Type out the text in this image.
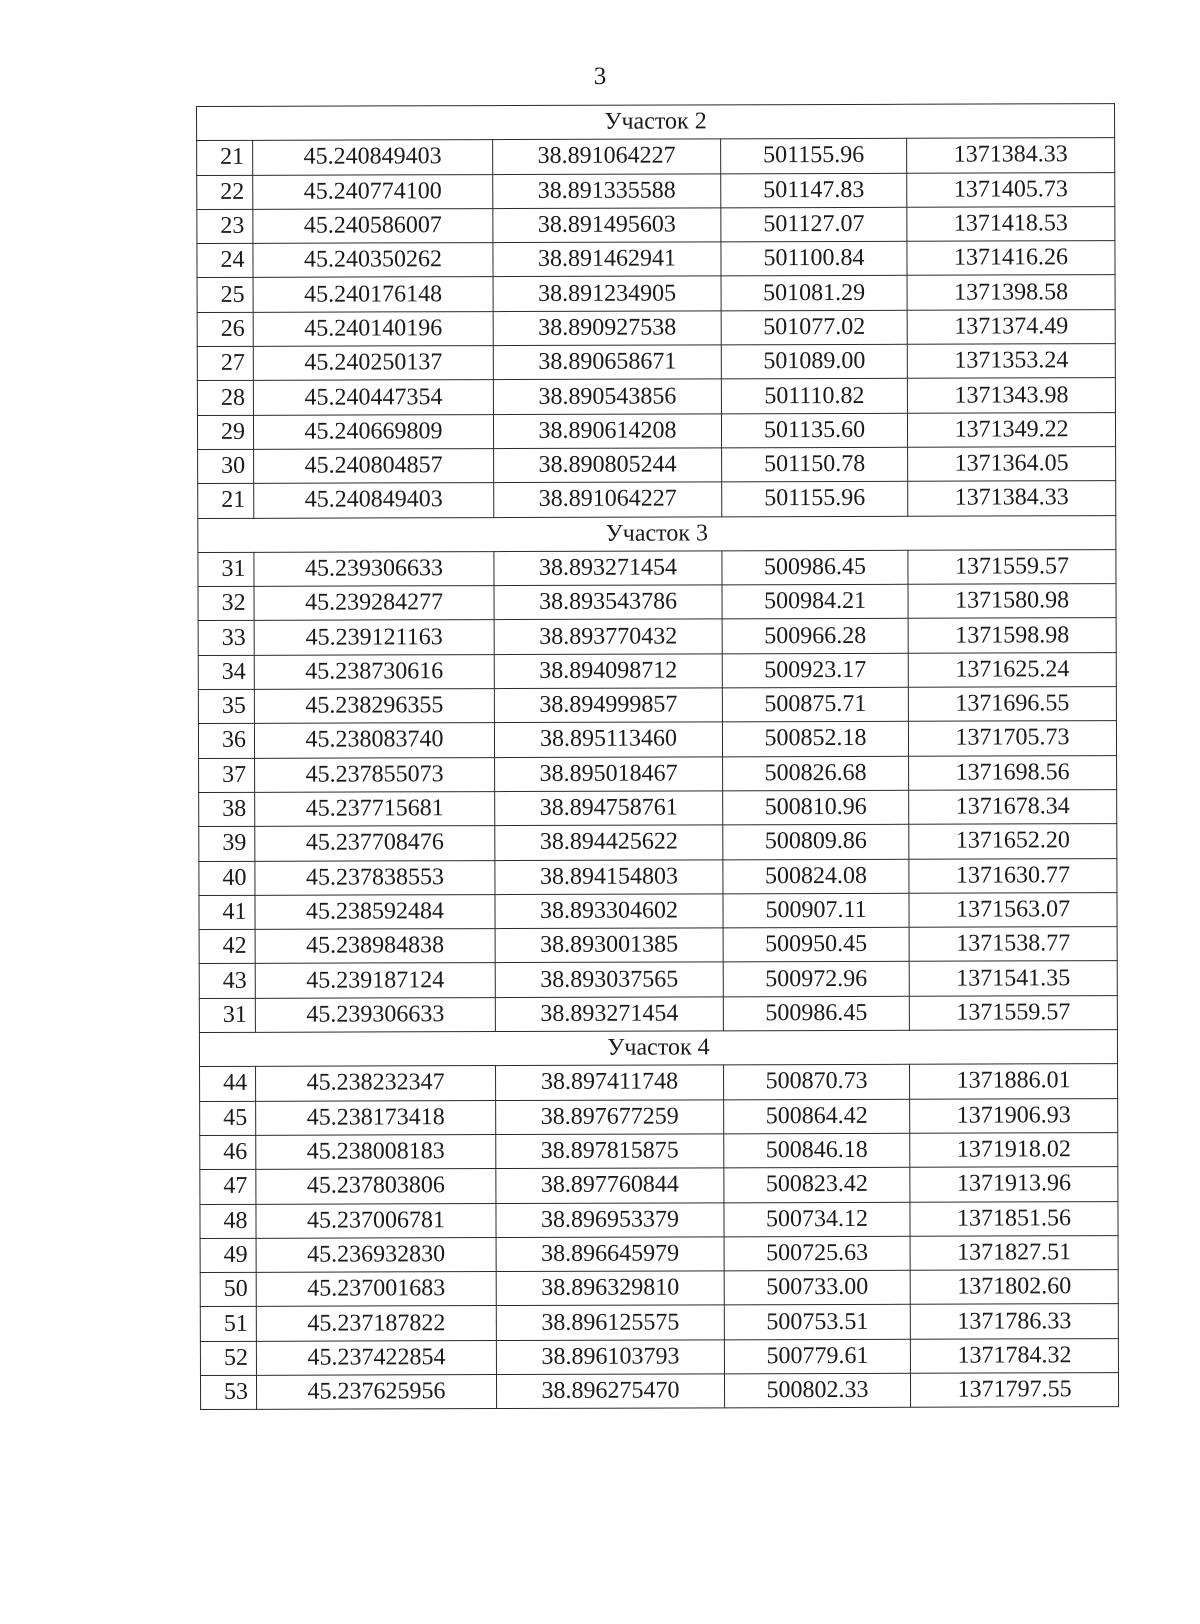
3
Участок 2				
21	45.240849403	38.891064227	501155.96	1371384.33
22	45.240774100	38.891335588	501147.83	1371405.73
23	45.240586007	38.891495603	501127.07	1371418.53
24	45.240350262	38.891462941	501100.84	1371416.26
25	45.240176148	38.891234905	501081.29	1371398.58
26	45.240140196	38.890927538	501077.02	1371374.49
27	45.240250137	38.890658671	501089.00	1371353.24
28	45.240447354	38.890543856	501110.82	1371343.98
29	45.240669809	38.890614208	501135.60	1371349.22
30	45.240804857	38.890805244	501150.78	1371364.05
21	45.240849403	38.891064227	501155.96	1371384.33
Участок 3				
31	45.239306633	38.893271454	500986.45	1371559.57
32	45.239284277	38.893543786	500984.21	1371580.98
33	45.239121163	38.893770432	500966.28	1371598.98
34	45.238730616	38.894098712	500923.17	1371625.24
35	45.238296355	38.894999857	500875.71	1371696.55
36	45.238083740	38.895113460	500852.18	1371705.73
37	45.237855073	38.895018467	500826.68	1371698.56
38	45.237715681	38.894758761	500810.96	1371678.34
39	45.237708476	38.894425622	500809.86	1371652.20
40	45.237838553	38.894154803	500824.08	1371630.77
41	45.238592484	38.893304602	500907.11	1371563.07
42	45.238984838	38.893001385	500950.45	1371538.77
43	45.239187124	38.893037565	500972.96	1371541.35
31	45.239306633	38.893271454	500986.45	1371559.57
Участок 4				
44	45.238232347	38.897411748	500870.73	1371886.01
45	45.238173418	38.897677259	500864.42	1371906.93
46	45.238008183	38.897815875	500846.18	1371918.02
47	45.237803806	38.897760844	500823.42	1371913.96
48	45.237006781	38.896953379	500734.12	1371851.56
49	45.236932830	38.896645979	500725.63	1371827.51
50	45.237001683	38.896329810	500733.00	1371802.60
51	45.237187822	38.896125575	500753.51	1371786.33
52	45.237422854	38.896103793	500779.61	1371784.32
53	45.237625956	38.896275470	500802.33	1371797.55
